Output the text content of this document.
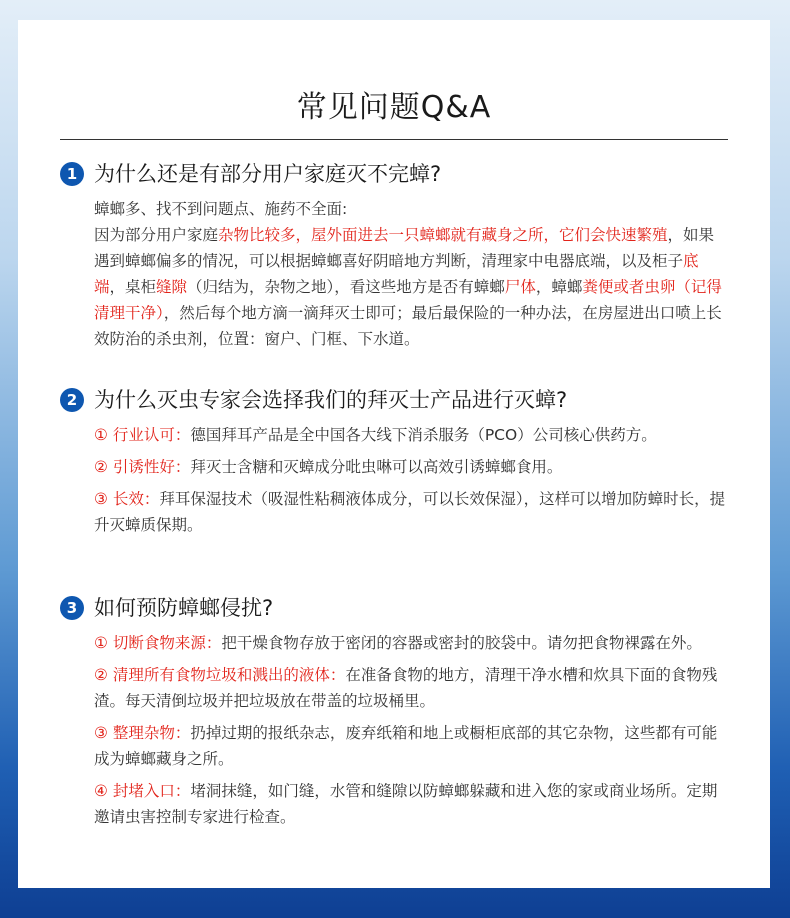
常见问题Q&A
1 为什么还是有部分用户家庭灭不完蟑?

蟑螂多、找不到问题点、施药不全面:

因为部分用户家庭杂物比较多，屋外面进去一只蟑螂就有藏身之所，它们会快速繁殖，如果遇到蟑螂偏多的情况，可以根据蟑螂喜好阴暗地方判断，清理家中电器底端，以及柜子底端，桌柜缝隙（归结为，杂物之地），看这些地方是否有蟑螂尸体，蟑螂粪便或者虫卵（记得清理干净），然后每个地方滴一滴拜灭士即可；最后最保险的一种办法，在房屋进出口喷上长效防治的杀虫剂，位置：窗户、门框、下水道。

2 为什么灭虫专家会选择我们的拜灭士产品进行灭蟑?

① 行业认可：德国拜耳产品是全中国各大线下消杀服务（PCO）公司核心供药方。

② 引诱性好：拜灭士含糖和灭蟑成分吡虫啉可以高效引诱蟑螂食用。

③ 长效：拜耳保湿技术（吸湿性粘稠液体成分，可以长效保湿），这样可以增加防蟑时长，提升灭蟑质保期。

3 如何预防蟑螂侵扰?

① 切断食物来源：把干燥食物存放于密闭的容器或密封的胶袋中。请勿把食物裸露在外。

② 清理所有食物垃圾和溅出的液体：在准备食物的地方，清理干净水槽和炊具下面的食物残渣。每天清倒垃圾并把垃圾放在带盖的垃圾桶里。

③ 整理杂物：扔掉过期的报纸杂志，废弃纸箱和地上或橱柜底部的其它杂物，这些都有可能成为蟑螂藏身之所。

④ 封堵入口：堵洞抹缝，如门缝，水管和缝隙以防蟑螂躲藏和进入您的家或商业场所。定期邀请虫害控制专家进行检查。
